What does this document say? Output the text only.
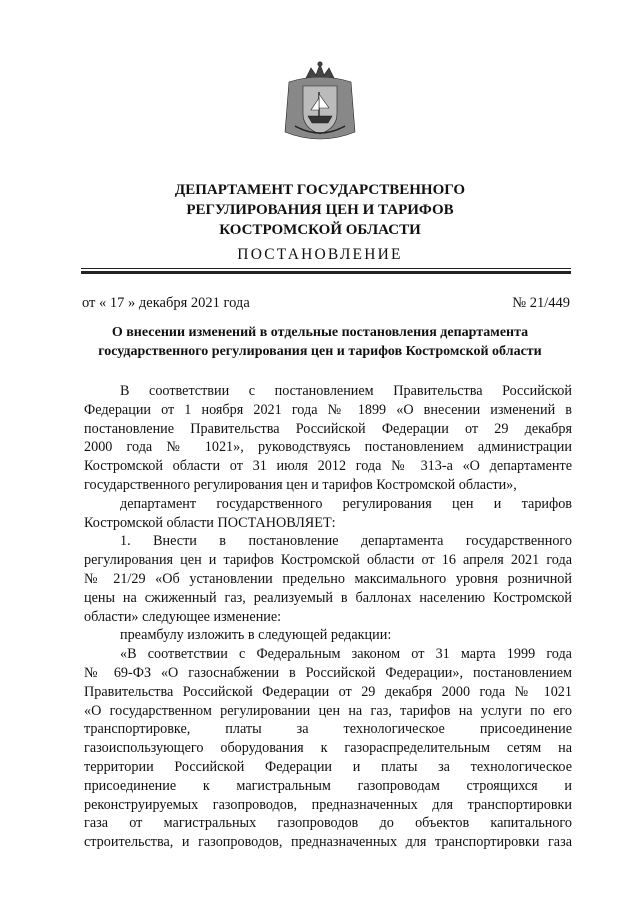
ДЕПАРТАМЕНТ ГОСУДАРСТВЕННОГО
РЕГУЛИРОВАНИЯ ЦЕН И ТАРИФОВ
КОСТРОМСКОЙ ОБЛАСТИ
ПОСТАНОВЛЕНИЕ
от « 17 » декабря 2021 года	№ 21/449
О внесении изменений в отдельные постановления департамента
государственного регулирования цен и тарифов Костромской области
В соответствии с постановлением Правительства Российской
Федерации от 1 ноября 2021 года № 1899 «О внесении изменений в
постановление Правительства Российской Федерации от 29 декабря
2000 года № 1021», руководствуясь постановлением администрации
Костромской области от 31 июля 2012 года № 313-а «О департаменте
государственного регулирования цен и тарифов Костромской области»,
департамент государственного регулирования цен и тарифов
Костромской области ПОСТАНОВЛЯЕТ:
1. Внести в постановление департамента государственного
регулирования цен и тарифов Костромской области от 16 апреля 2021 года
№ 21/29 «Об установлении предельно максимального уровня розничной
цены на сжиженный газ, реализуемый в баллонах населению Костромской
области» следующее изменение:
преамбулу изложить в следующей редакции:
«В соответствии с Федеральным законом от 31 марта 1999 года
№ 69-ФЗ «О газоснабжении в Российской Федерации», постановлением
Правительства Российской Федерации от 29 декабря 2000 года № 1021
«О государственном регулировании цен на газ, тарифов на услуги по его
транспортировке, платы за технологическое присоединение
газоиспользующего оборудования к газораспределительным сетям на
территории Российской Федерации и платы за технологическое
присоединение к магистральным газопроводам строящихся и
реконструируемых газопроводов, предназначенных для транспортировки
газа от магистральных газопроводов до объектов капитального
строительства, и газопроводов, предназначенных для транспортировки газа
